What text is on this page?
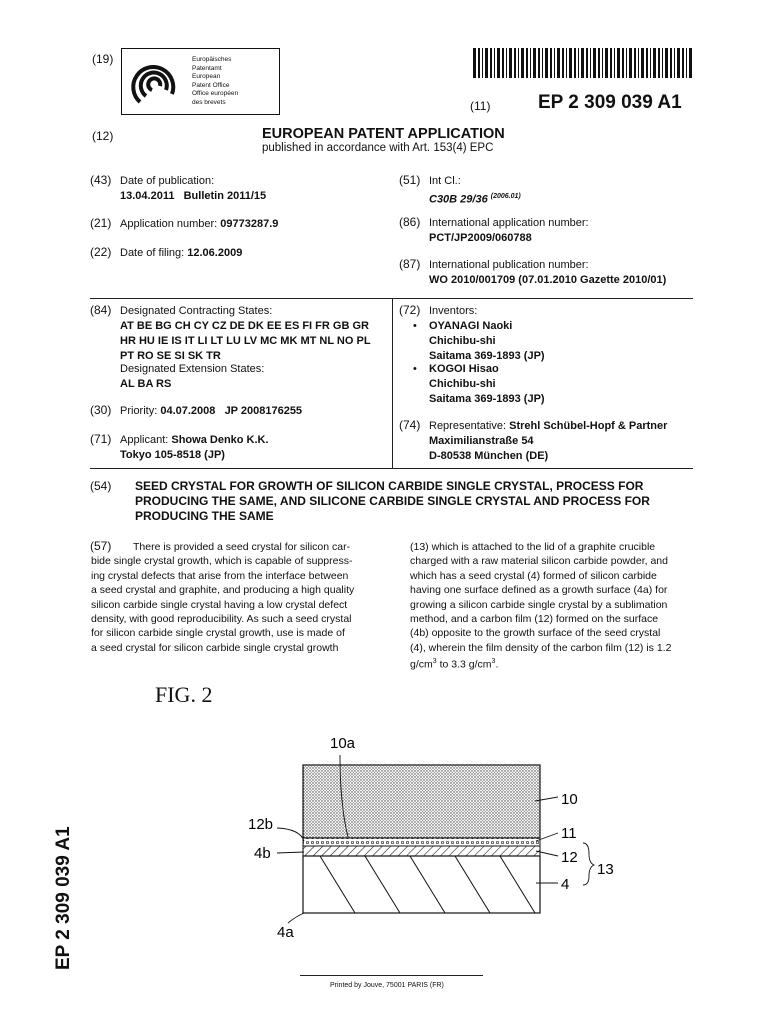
(19)	Europäisches
Patentamt
European
Patent Office
Office européen
des brevets	(11)	EP 2 309 039 A1
(12)	EUROPEAN PATENT APPLICATION
published in accordance with Art. 153(4) EPC
(43) Date of publication:
13.04.2011   Bulletin 2011/15
(21) Application number: 09773287.9
(22) Date of filing: 12.06.2009
(51) Int Cl.:
C30B 29/36 $^{(2006.01)}$
(86) International application number:
PCT/JP2009/060788
(87) International publication number:
WO 2010/001709 (07.01.2010 Gazette 2010/01)
(84) Designated Contracting States:
AT BE BG CH CY CZ DE DK EE ES FI FR GB GR
HR HU IE IS IT LI LT LU LV MC MK MT NL NO PL
PT RO SE SI SK TR
Designated Extension States:
AL BA RS
(30) Priority: 04.07.2008   JP 2008176255
(71) Applicant: Showa Denko K.K.
Tokyo 105-8518 (JP)
(72) Inventors:
• OYANAGI Naoki
Chichibu-shi
Saitama 369-1893 (JP)
• KOGOI Hisao
Chichibu-shi
Saitama 369-1893 (JP)
(74) Representative: Strehl Schübel-Hopf & Partner
Maximilianstraße 54
D-80538 München (DE)
(54) SEED CRYSTAL FOR GROWTH OF SILICON CARBIDE SINGLE CRYSTAL, PROCESS FOR
PRODUCING THE SAME, AND SILICONE CARBIDE SINGLE CRYSTAL AND PROCESS FOR
PRODUCING THE SAME
(57)	There is provided a seed crystal for silicon car-
bide single crystal growth, which is capable of suppress-
ing crystal defects that arise from the interface between
a seed crystal and graphite, and producing a high quality
silicon carbide single crystal having a low crystal defect
density, with good reproducibility. As such a seed crystal
for silicon carbide single crystal growth, use is made of
a seed crystal for silicon carbide single crystal growth
(13) which is attached to the lid of a graphite crucible
charged with a raw material silicon carbide powder, and
which has a seed crystal (4) formed of silicon carbide
having one surface defined as a growth surface (4a) for
growing a silicon carbide single crystal by a sublimation
method, and a carbon film (12) formed on the surface
(4b) opposite to the growth surface of the seed crystal
(4), wherein the film density of the carbon film (12) is 1.2
$g/cm^3$ to 3.3 $g/cm^3$.
FIG. 2
10a
10
12b
11
4b	12
13
4
4a
EP 2 309 039 A1
Printed by Jouve, 75001 PARIS (FR)
